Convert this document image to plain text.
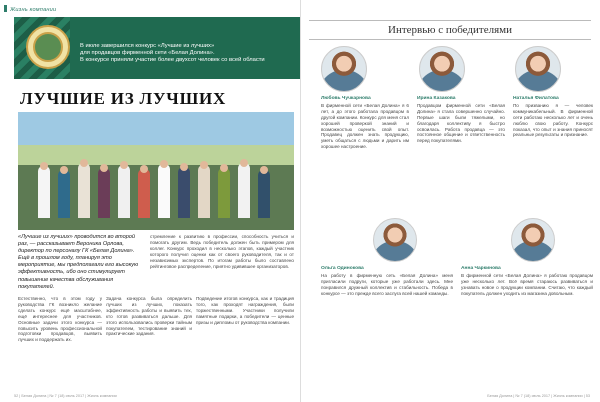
Жизнь компании
В июле завершился конкурс «Лучшие из лучших»
для продавцов фирменной сети «Белая Долина».
В конкурсе приняли участие более двухсот человек со всей области
ЛУЧШИЕ ИЗ ЛУЧШИХ

«Лучшие из лучших» проводится во второй раз, — рассказывает Вероника Орлова, директор по персоналу ГК «Белая Долина». Ещё в прошлом году, планируя это мероприятие, мы предполагали его высокую эффективность, ибо оно стимулирует повышение качества обслуживания покупателей.

стремление к развитию в профессии, способность учиться и помогать другим. Ведь победитель должен быть примером для коллег. Конкурс проходил в несколько этапов, каждый участник которого получил оценки как от своего руководителя, так и от независимых экспертов. По итогам работы было составлено рейтинговое распределение, приятно удивившее организаторов.

Естественно, что в этом году у руководства ГК возникло желание сделать конкурс ещё масштабнее, ещё интереснее для участников. Основные задачи этого конкурса — повысить уровень профессиональной подготовки продавцов, выявить лучших и поддержать их.

Задача конкурса была определить лучших из лучших, показать эффективность работы и выявить тех, кто готов развиваться дальше. Для этого использовались проверки тайным покупателем, тестирование знаний и практические задания.

Подведение итогов конкурса, как и традиция того, как проходят награждения, были торжественными. Участники получили памятные подарки, а победители — ценные призы и дипломы от руководства компании.

52 | Белая Долина | № 7 (18) июль 2017 | Жизнь компании
Интервью с победителями
Любовь Чучкарнова
В фирменной сети «Белая Долина» я 6 лет, а до этого работала продавцом в другой компании. Конкурс для меня стал хорошей проверкой знаний и возможностью оценить свой опыт. Продавец должен знать продукцию, уметь общаться с людьми и дарить им хорошее настроение.
Ирина Казакова
Продавцом фирменной сети «Белая Долина» я стала совершенно случайно. Первые шаги были тяжелыми, но благодаря коллективу я быстро освоилась. Работа продавца — это постоянное общение и ответственность перед покупателями.
Наталья Филатова
По призванию я — человек коммуникабельный. В фирменной сети работаю несколько лет и очень люблю свою работу. Конкурс показал, что опыт и знания приносят реальные результаты и признание.
Ольга Одинокова
На работу в фирменную сеть «Белая Долина» меня пригласили подруги, которые уже работали здесь. Мне понравился дружный коллектив и стабильность. Победа в конкурсе — это прежде всего заслуга всей нашей команды.
Анна Чаркинова
В фирменной сети «Белая Долина» я работаю продавцом уже несколько лет. Всё время стараюсь развиваться и узнавать новое о продукции компании. Считаю, что каждый покупатель должен уходить из магазина довольным.
Белая Долина | № 7 (18) июль 2017 | Жизнь компании | 53
